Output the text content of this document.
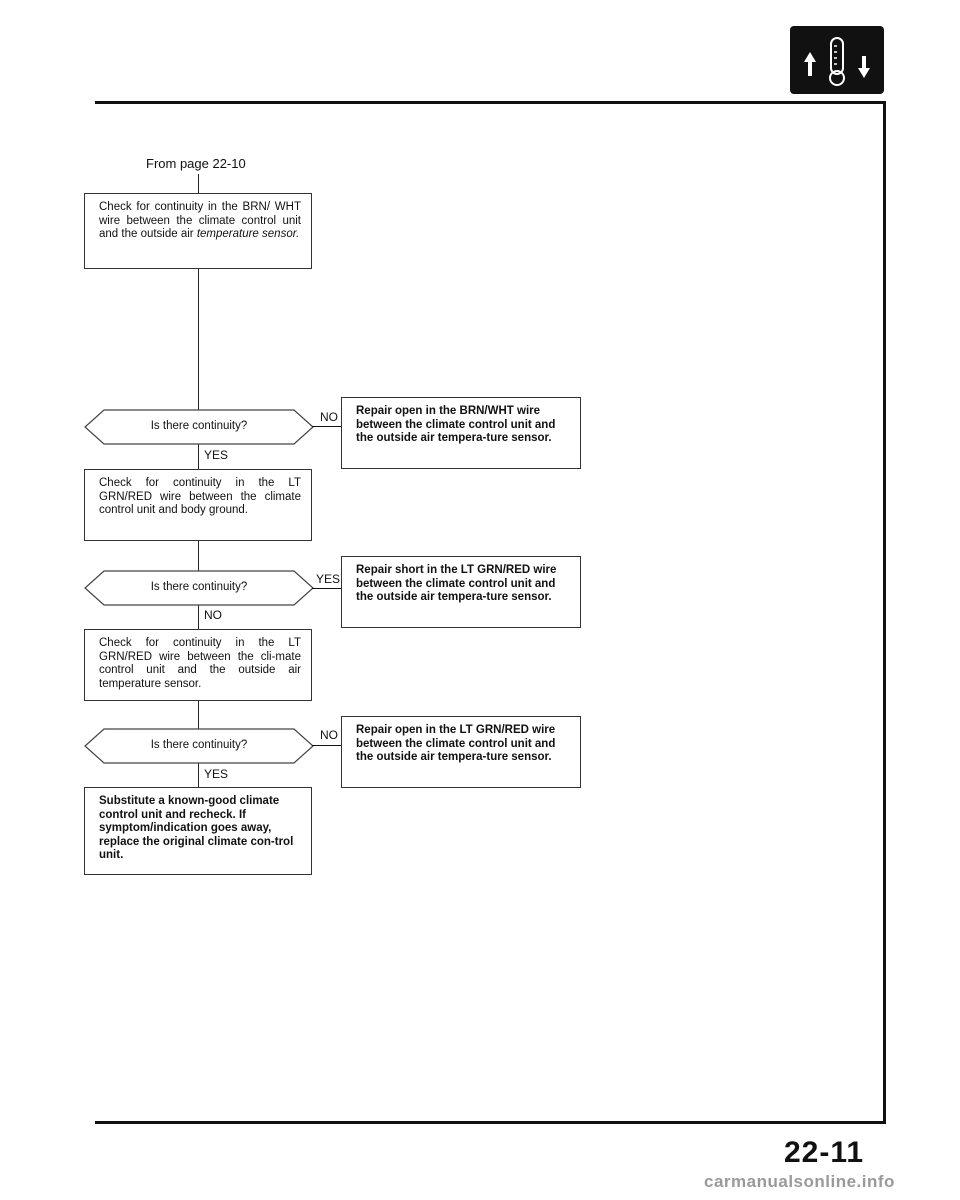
From page 22-10
Check for continuity in the BRN/ WHT wire between the climate control unit and the outside air temperature sensor.
Is there continuity?
NO
YES
Repair open in the BRN/WHT wire between the climate control unit and the outside air tempera-ture sensor.
Check for continuity in the LT GRN/RED wire between the climate control unit and body ground.
Is there continuity?
YES
NO
Repair short in the LT GRN/RED wire between the climate control unit and the outside air tempera-ture sensor.
Check for continuity in the LT GRN/RED wire between the cli-mate control unit and the outside air temperature sensor.
Is there continuity?
NO
YES
Repair open in the LT GRN/RED wire between the climate control unit and the outside air tempera-ture sensor.
Substitute a known-good climate control unit and recheck. If symptom/indication goes away, replace the original climate con-trol unit.
22-11
carmanualsonline.info
